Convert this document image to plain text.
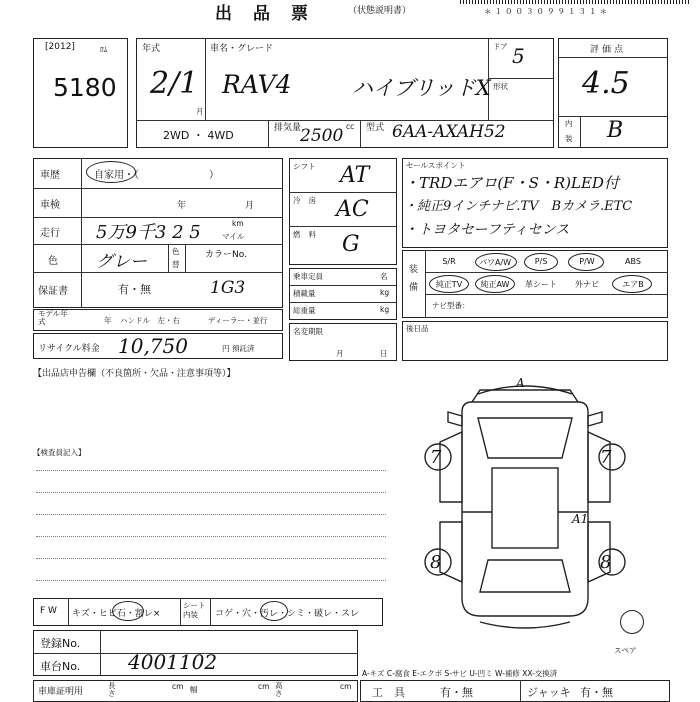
出　品　票	（状態説明書）	＊１００３０９９１３１＊
[2012]	ﾛﾑ
5180
年式
2/1
月
車名・グレード
RAV4	ハイブリッドX
ドア 5
形状
2WD ・ 4WD
排気量
2500 cc 型式 6AA-AXAH52
評価点
4.5
内
装 B
車歴	自家用・（　　　　　　　）
車検	年	月
走行 5万9千3 2 5	km
マイル
色 グレー
色
替
カラーNo.
保証書	有・無	1G3
モデル年式	年 ハンドル　左・右	ディーラー・並行
リサイクル料金 10,750	円 預託済
【出品店申告欄（不良箇所・欠品・注意事項等）】
【検査員記入】
シフト AT
冷房 AC
燃料 G
乗車定員	名
積載量	kg
総重量	kg
名変期限
月	日
セールスポイント
・TRDエアロ(F・S・R)LED付
・純正9インチナビ.TV　Bカメラ.ETC
・トヨタセーフティセンス
装
備
S/R	パワA/W	P/S	P/W	ABS
純正TV	純正AW	革シート	外ナビ	エアB
ナビ型番：
後日品
7	7
8	8
A1
A
スペア
F W キズ・ヒビ石・割レ×
シート内装	コゲ・穴・汚レ・シミ・破レ・スレ
登録No.
車台No. 4001102
車庫証明用
長さ
cm 幅	cm 高さ
cm
A-キズ C-腐食 E-エクボ S-サビ U-凹ミ W-補修 XX-交換済
工　具	有・無	ジャッキ 有・無
